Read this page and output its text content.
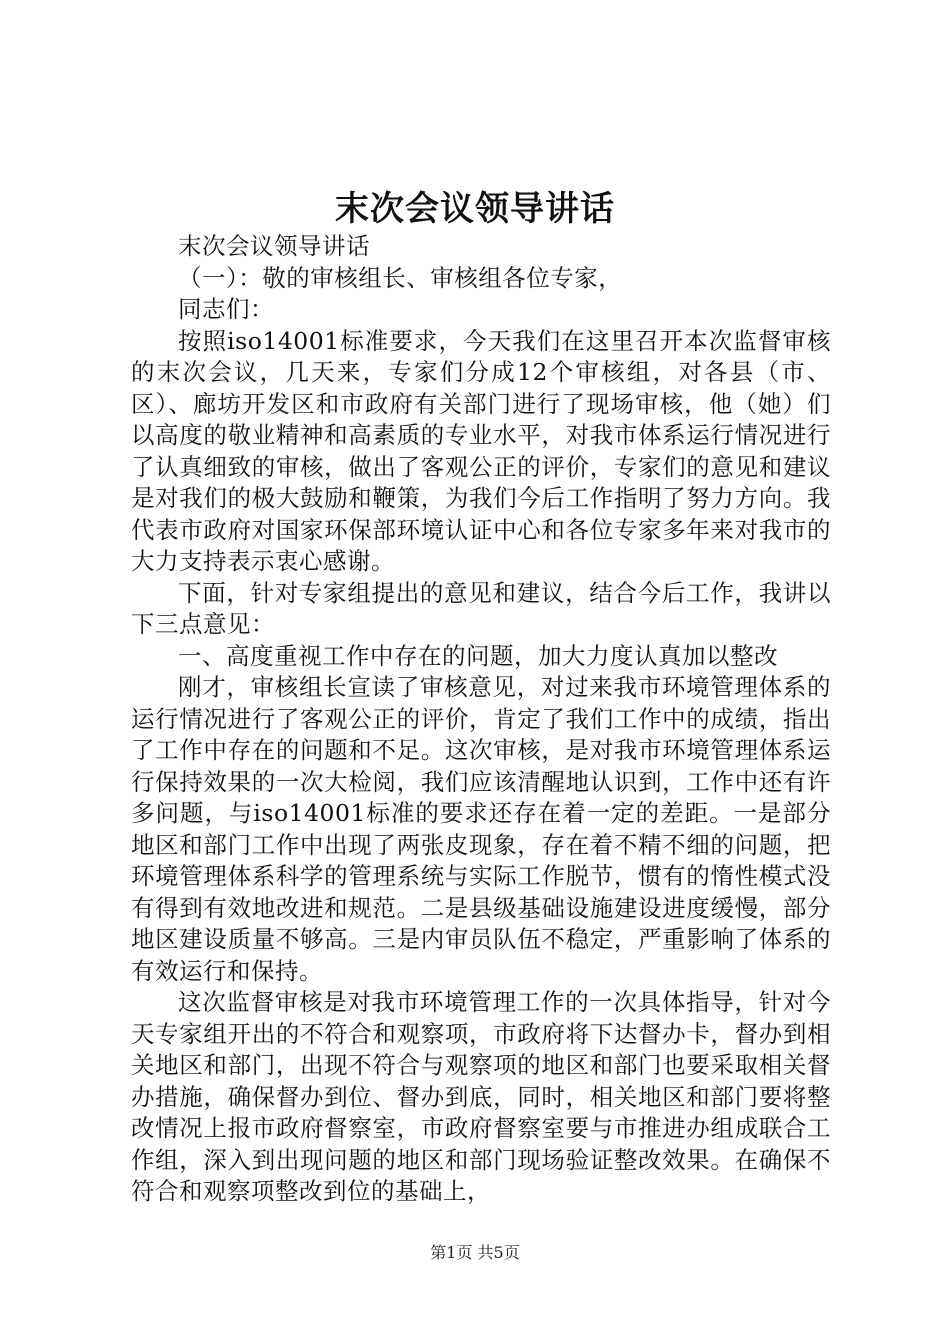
末次会议领导讲话

末次会议领导讲话

（一）：敬的审核组长、审核组各位专家，

同志们：

按照iso14001标准要求，今天我们在这里召开本次监督审核的末次会议，几天来，专家们分成12个审核组，对各县（市、区）、廊坊开发区和市政府有关部门进行了现场审核，他（她）们以高度的敬业精神和高素质的专业水平，对我市体系运行情况进行了认真细致的审核，做出了客观公正的评价，专家们的意见和建议是对我们的极大鼓励和鞭策，为我们今后工作指明了努力方向。我代表市政府对国家环保部环境认证中心和各位专家多年来对我市的大力支持表示衷心感谢。

下面，针对专家组提出的意见和建议，结合今后工作，我讲以下三点意见：

一、高度重视工作中存在的问题，加大力度认真加以整改

刚才，审核组长宣读了审核意见，对过来我市环境管理体系的运行情况进行了客观公正的评价，肯定了我们工作中的成绩，指出了工作中存在的问题和不足。这次审核，是对我市环境管理体系运行保持效果的一次大检阅，我们应该清醒地认识到，工作中还有许多问题，与iso14001标准的要求还存在着一定的差距。一是部分地区和部门工作中出现了两张皮现象，存在着不精不细的问题，把环境管理体系科学的管理系统与实际工作脱节，惯有的惰性模式没有得到有效地改进和规范。二是县级基础设施建设进度缓慢，部分地区建设质量不够高。三是内审员队伍不稳定，严重影响了体系的有效运行和保持。

这次监督审核是对我市环境管理工作的一次具体指导，针对今天专家组开出的不符合和观察项，市政府将下达督办卡，督办到相关地区和部门，出现不符合与观察项的地区和部门也要采取相关督办措施，确保督办到位、督办到底，同时，相关地区和部门要将整改情况上报市政府督察室，市政府督察室要与市推进办组成联合工作组，深入到出现问题的地区和部门现场验证整改效果。在确保不符合和观察项整改到位的基础上，

第1页 共5页
